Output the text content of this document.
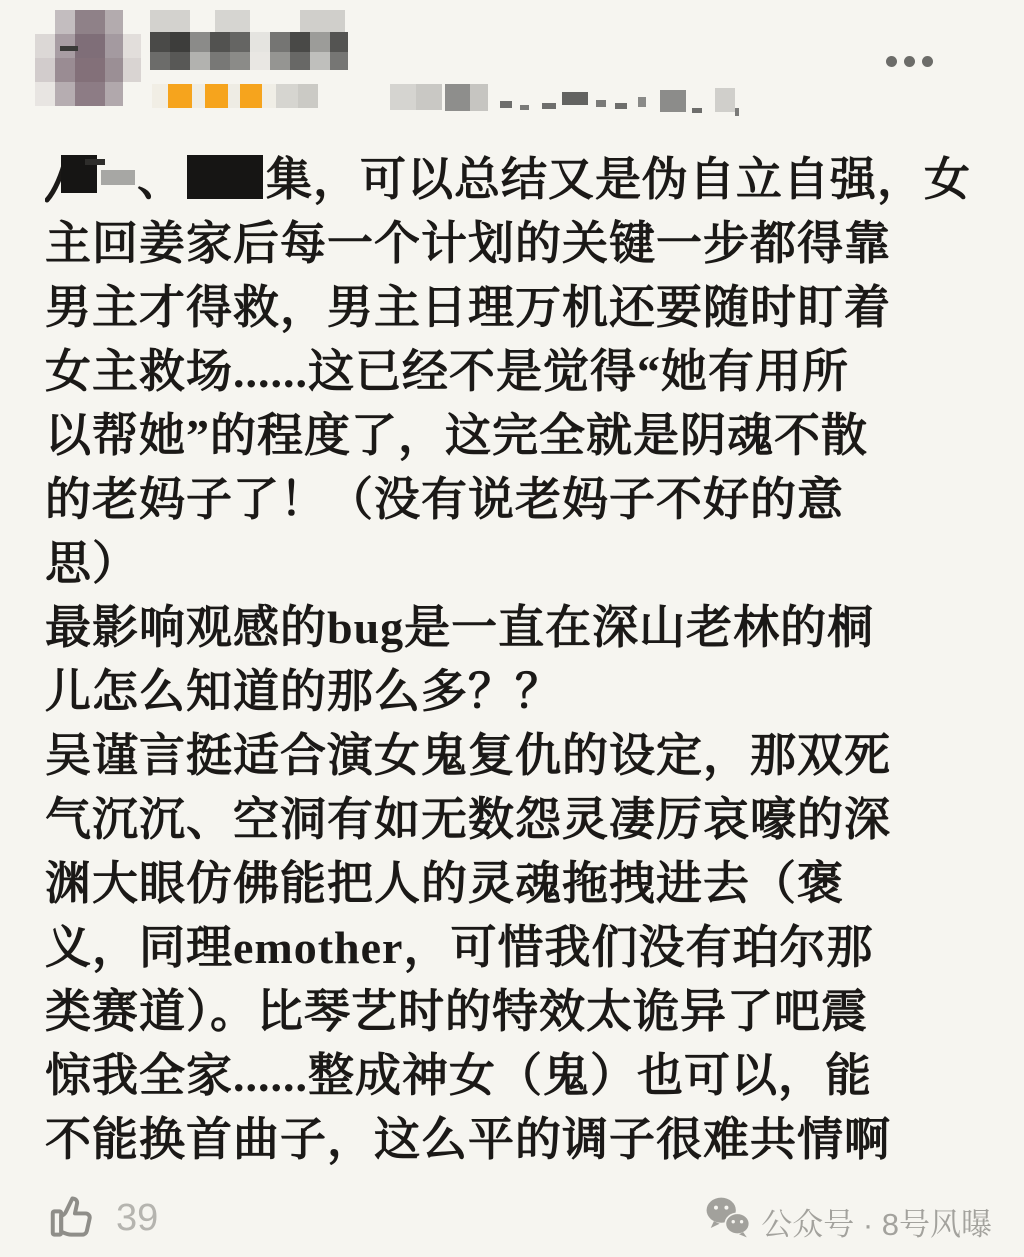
、 集，可以总结又是伪自立自强，女
主回姜家后每一个计划的关键一步都得靠
男主才得救，男主日理万机还要随时盯着
女主救场......这已经不是觉得“她有用所
以帮她”的程度了，这完全就是阴魂不散
的老妈子了！（没有说老妈子不好的意
思）
最影响观感的bug是一直在深山老林的桐
儿怎么知道的那么多？？
吴谨言挺适合演女鬼复仇的设定，那双死
气沉沉、空洞有如无数怨灵凄厉哀嚎的深
渊大眼仿佛能把人的灵魂拖拽进去（褒
义，同理emother，可惜我们没有珀尔那
类赛道）。比琴艺时的特效太诡异了吧震
惊我全家......整成神女（鬼）也可以，能
不能换首曲子，这么平的调子很难共情啊
39	公众号 · 8号风曝
